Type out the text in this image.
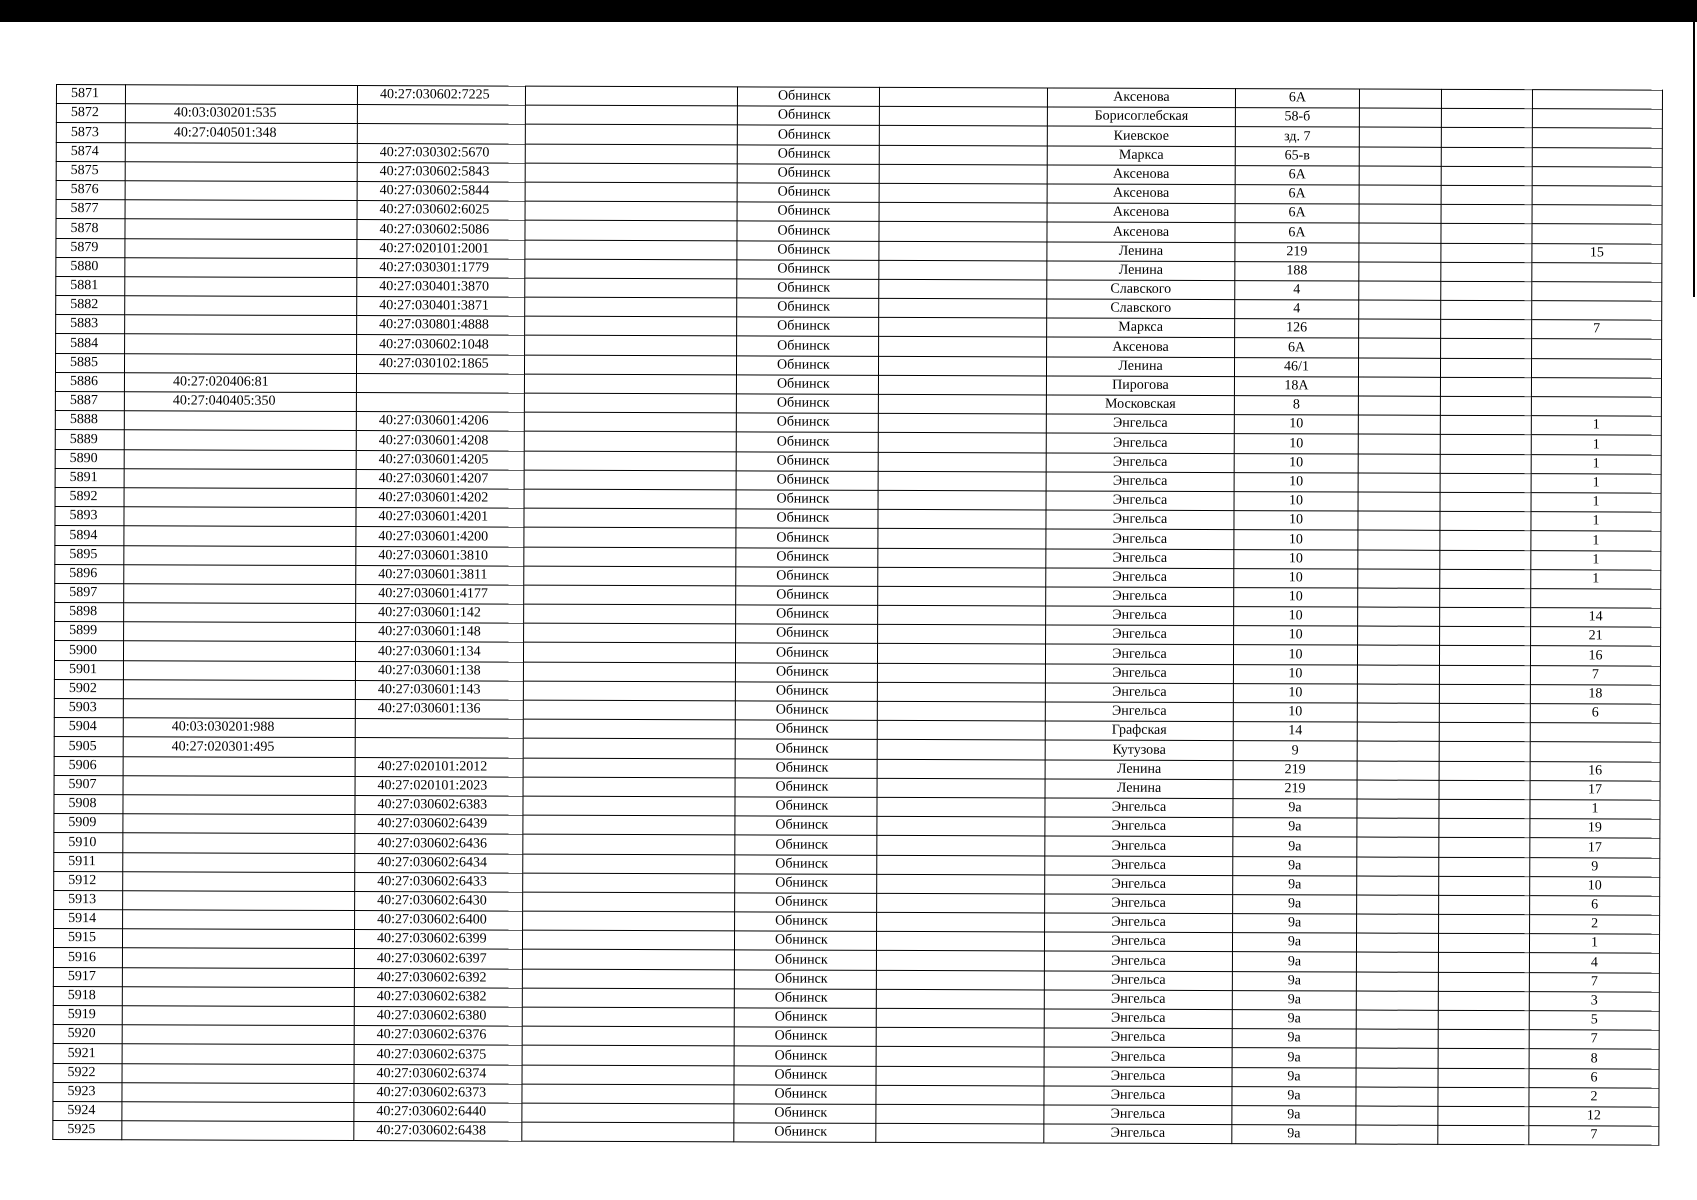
5871		40:27:030602:7225		Обнинск		Аксенова	6А			
5872	40:03:030201:535			Обнинск		Борисоглебская	58-б			
5873	40:27:040501:348			Обнинск		Киевское	зд. 7			
5874		40:27:030302:5670		Обнинск		Маркса	65-в			
5875		40:27:030602:5843		Обнинск		Аксенова	6А			
5876		40:27:030602:5844		Обнинск		Аксенова	6А			
5877		40:27:030602:6025		Обнинск		Аксенова	6А			
5878		40:27:030602:5086		Обнинск		Аксенова	6А			
5879		40:27:020101:2001		Обнинск		Ленина	219			15
5880		40:27:030301:1779		Обнинск		Ленина	188			
5881		40:27:030401:3870		Обнинск		Славского	4			
5882		40:27:030401:3871		Обнинск		Славского	4			
5883		40:27:030801:4888		Обнинск		Маркса	126			7
5884		40:27:030602:1048		Обнинск		Аксенова	6А			
5885		40:27:030102:1865		Обнинск		Ленина	46/1			
5886	40:27:020406:81			Обнинск		Пирогова	18А			
5887	40:27:040405:350			Обнинск		Московская	8			
5888		40:27:030601:4206		Обнинск		Энгельса	10			1
5889		40:27:030601:4208		Обнинск		Энгельса	10			1
5890		40:27:030601:4205		Обнинск		Энгельса	10			1
5891		40:27:030601:4207		Обнинск		Энгельса	10			1
5892		40:27:030601:4202		Обнинск		Энгельса	10			1
5893		40:27:030601:4201		Обнинск		Энгельса	10			1
5894		40:27:030601:4200		Обнинск		Энгельса	10			1
5895		40:27:030601:3810		Обнинск		Энгельса	10			1
5896		40:27:030601:3811		Обнинск		Энгельса	10			1
5897		40:27:030601:4177		Обнинск		Энгельса	10			
5898		40:27:030601:142		Обнинск		Энгельса	10			14
5899		40:27:030601:148		Обнинск		Энгельса	10			21
5900		40:27:030601:134		Обнинск		Энгельса	10			16
5901		40:27:030601:138		Обнинск		Энгельса	10			7
5902		40:27:030601:143		Обнинск		Энгельса	10			18
5903		40:27:030601:136		Обнинск		Энгельса	10			6
5904	40:03:030201:988			Обнинск		Графская	14			
5905	40:27:020301:495			Обнинск		Кутузова	9			
5906		40:27:020101:2012		Обнинск		Ленина	219			16
5907		40:27:020101:2023		Обнинск		Ленина	219			17
5908		40:27:030602:6383		Обнинск		Энгельса	9а			1
5909		40:27:030602:6439		Обнинск		Энгельса	9а			19
5910		40:27:030602:6436		Обнинск		Энгельса	9а			17
5911		40:27:030602:6434		Обнинск		Энгельса	9а			9
5912		40:27:030602:6433		Обнинск		Энгельса	9а			10
5913		40:27:030602:6430		Обнинск		Энгельса	9а			6
5914		40:27:030602:6400		Обнинск		Энгельса	9а			2
5915		40:27:030602:6399		Обнинск		Энгельса	9а			1
5916		40:27:030602:6397		Обнинск		Энгельса	9а			4
5917		40:27:030602:6392		Обнинск		Энгельса	9а			7
5918		40:27:030602:6382		Обнинск		Энгельса	9а			3
5919		40:27:030602:6380		Обнинск		Энгельса	9а			5
5920		40:27:030602:6376		Обнинск		Энгельса	9а			7
5921		40:27:030602:6375		Обнинск		Энгельса	9а			8
5922		40:27:030602:6374		Обнинск		Энгельса	9а			6
5923		40:27:030602:6373		Обнинск		Энгельса	9а			2
5924		40:27:030602:6440		Обнинск		Энгельса	9а			12
5925		40:27:030602:6438		Обнинск		Энгельса	9а			7
